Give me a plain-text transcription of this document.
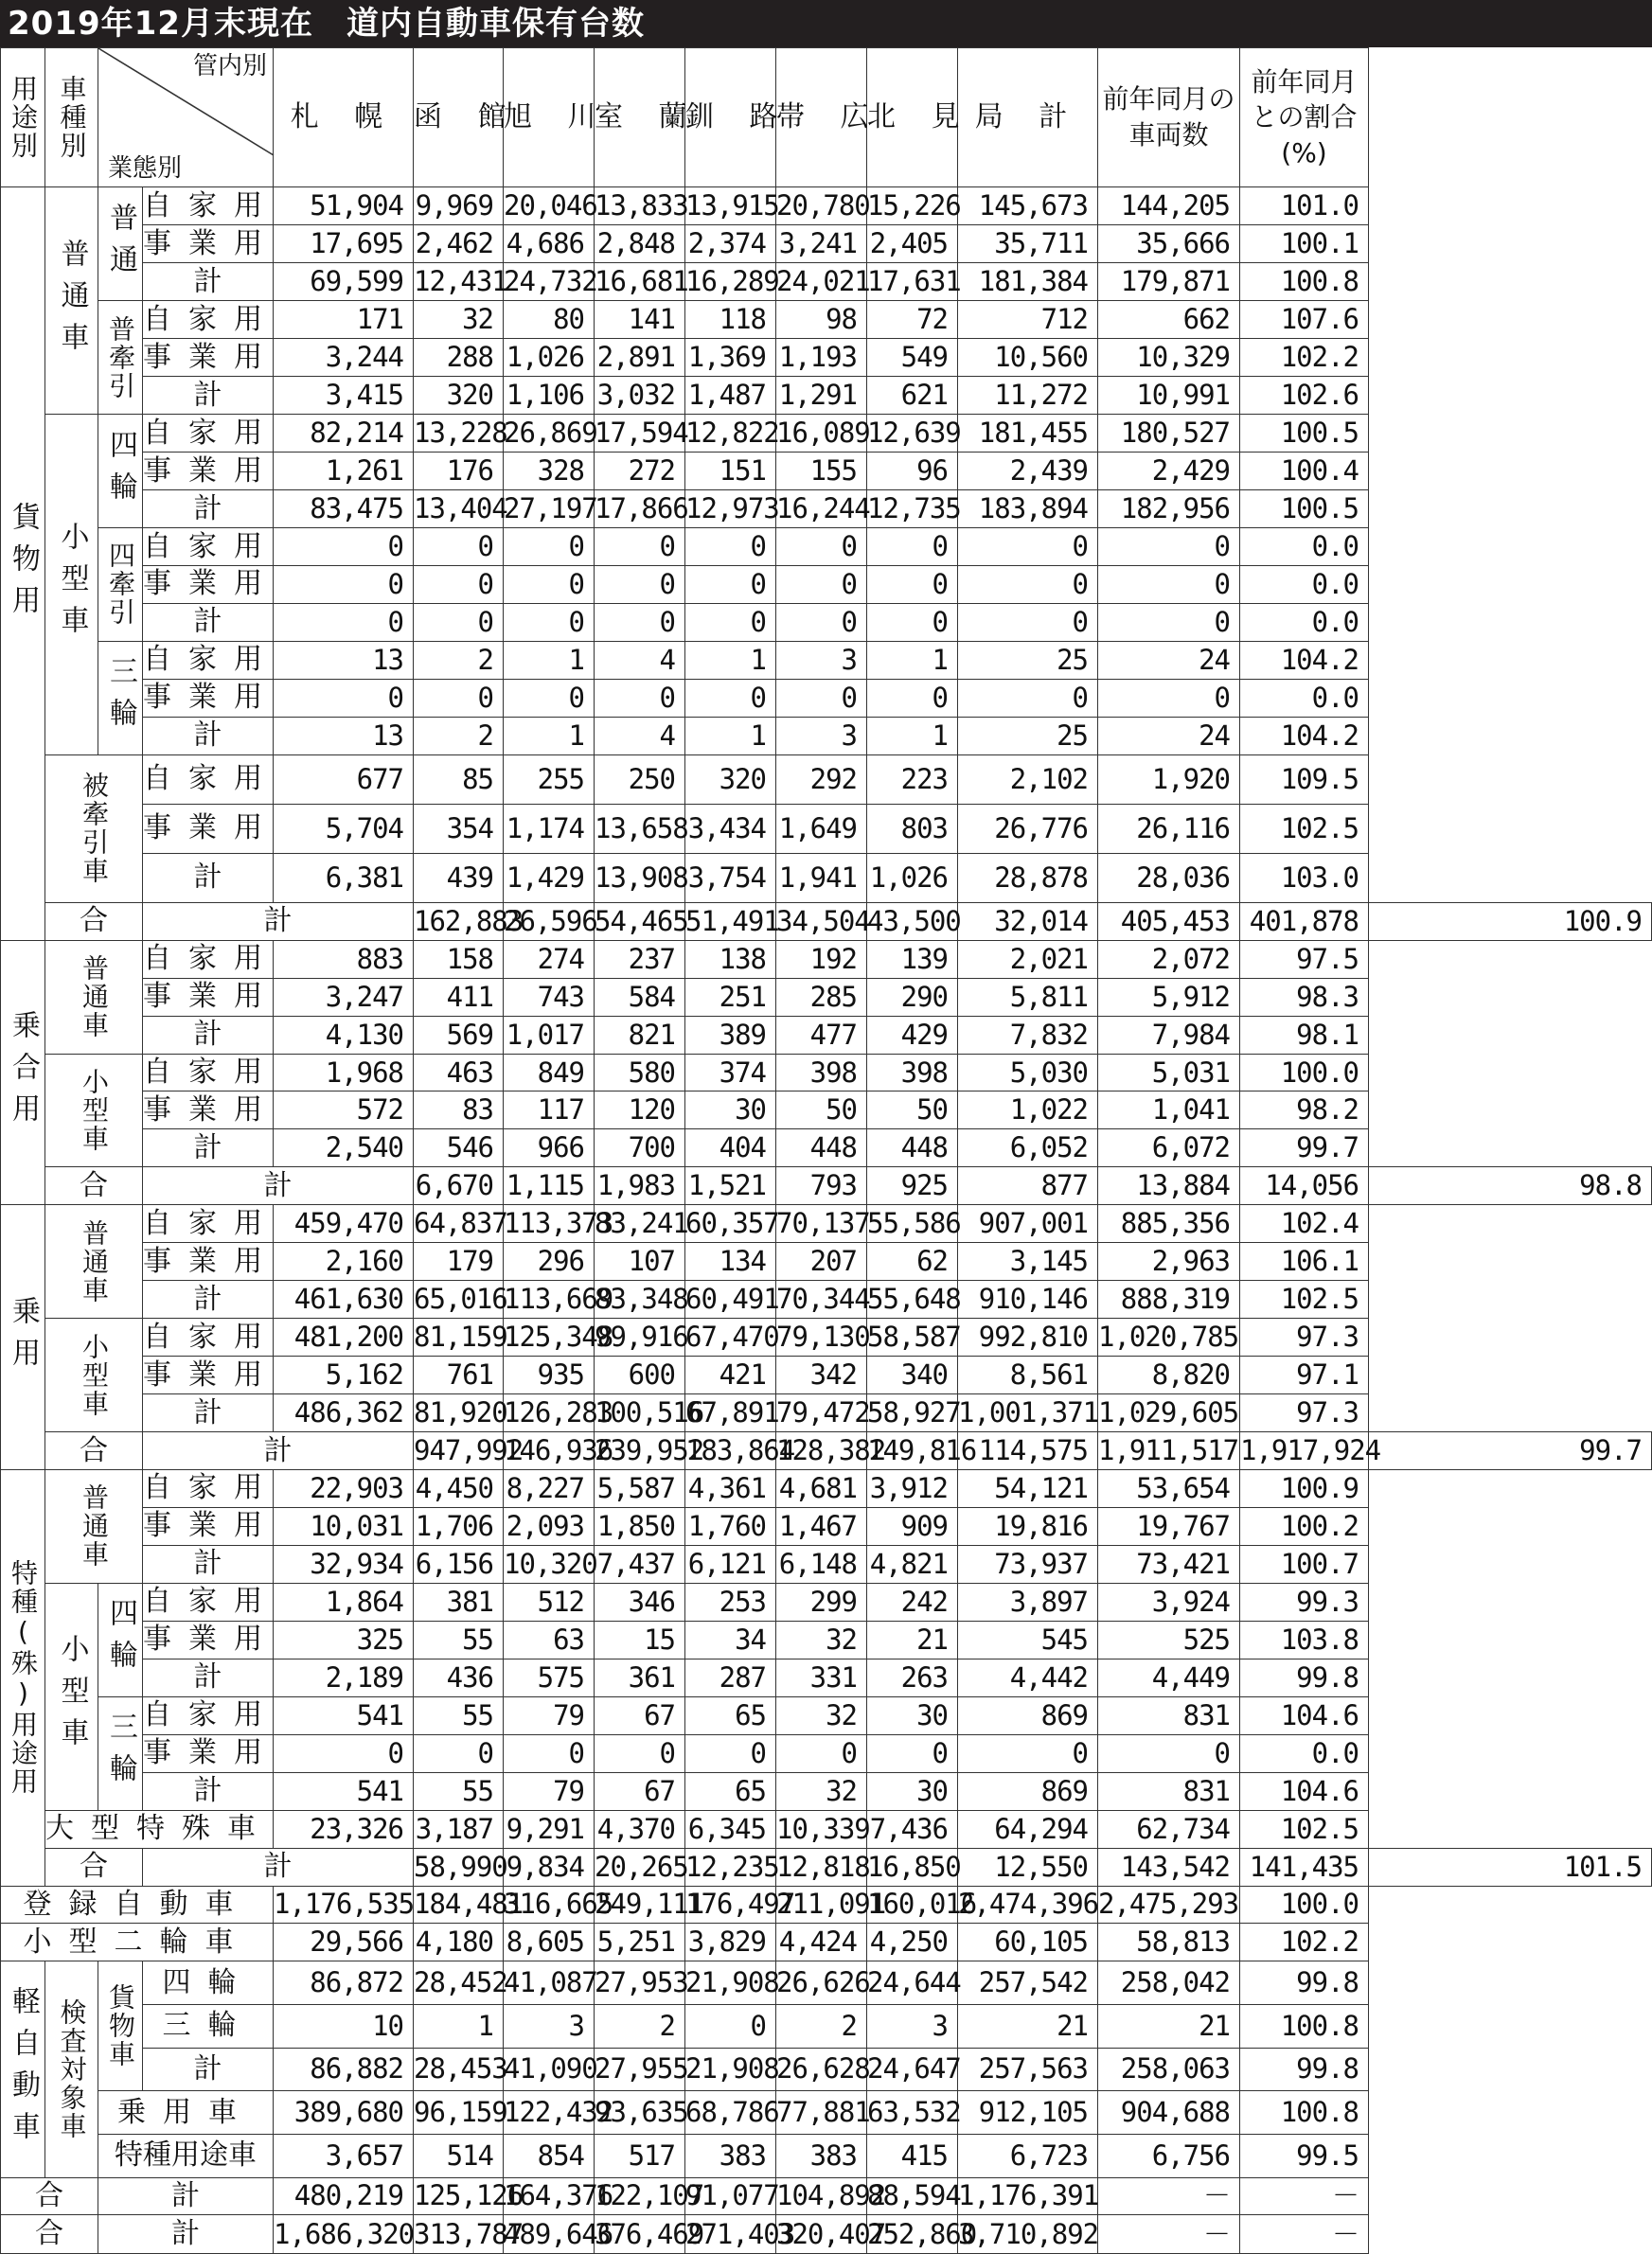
2019年12月末現在　道内自動車保有台数
用途別	車種別	管内別
業態別		札 幌	函 館	旭 川	室 蘭	釧 路	帯 広	北 見	局 計	前年同月の車両数	前年同月との割合(%)	
貨物用	普通車	普通	自家用	51,904	9,969	20,046	13,833	13,915	20,780	15,226	145,673	144,205	101.0	
			事業用	17,695	2,462	4,686	2,848	2,374	3,241	2,405	35,711	35,666	100.1	
			計	69,599	12,431	24,732	16,681	16,289	24,021	17,631	181,384	179,871	100.8	
		普牽引	自家用	171	32	80	141	118	98	72	712	662	107.6	
			事業用	3,244	288	1,026	2,891	1,369	1,193	549	10,560	10,329	102.2	
			計	3,415	320	1,106	3,032	1,487	1,291	621	11,272	10,991	102.6	
	小型車	四輪	自家用	82,214	13,228	26,869	17,594	12,822	16,089	12,639	181,455	180,527	100.5	
			事業用	1,261	176	328	272	151	155	96	2,439	2,429	100.4	
			計	83,475	13,404	27,197	17,866	12,973	16,244	12,735	183,894	182,956	100.5	
		四牽引	自家用	0	0	0	0	0	0	0	0	0	0.0	
			事業用	0	0	0	0	0	0	0	0	0	0.0	
			計	0	0	0	0	0	0	0	0	0	0.0	
		三輪	自家用	13	2	1	4	1	3	1	25	24	104.2	
			事業用	0	0	0	0	0	0	0	0	0	0.0	
			計	13	2	1	4	1	3	1	25	24	104.2	
	被牽引車		自家用	677	85	255	250	320	292	223	2,102	1,920	109.5	
			事業用	5,704	354	1,174	13,658	3,434	1,649	803	26,776	26,116	102.5	
			計	6,381	439	1,429	13,908	3,754	1,941	1,026	28,878	28,036	103.0	
	合		計		162,883	26,596	54,465	51,491	34,504	43,500	32,014	405,453	401,878	100.9
乗合用	普通車		自家用	883	158	274	237	138	192	139	2,021	2,072	97.5	
			事業用	3,247	411	743	584	251	285	290	5,811	5,912	98.3	
			計	4,130	569	1,017	821	389	477	429	7,832	7,984	98.1	
	小型車		自家用	1,968	463	849	580	374	398	398	5,030	5,031	100.0	
			事業用	572	83	117	120	30	50	50	1,022	1,041	98.2	
			計	2,540	546	966	700	404	448	448	6,052	6,072	99.7	
	合		計		6,670	1,115	1,983	1,521	793	925	877	13,884	14,056	98.8
乗用	普通車		自家用	459,470	64,837	113,373	83,241	60,357	70,137	55,586	907,001	885,356	102.4	
			事業用	2,160	179	296	107	134	207	62	3,145	2,963	106.1	
			計	461,630	65,016	113,669	83,348	60,491	70,344	55,648	910,146	888,319	102.5	
	小型車		自家用	481,200	81,159	125,348	99,916	67,470	79,130	58,587	992,810	1,020,785	97.3	
			事業用	5,162	761	935	600	421	342	340	8,561	8,820	97.1	
			計	486,362	81,920	126,283	100,516	67,891	79,472	58,927	1,001,371	1,029,605	97.3	
	合		計		947,992	146,936	239,952	183,864	128,382	149,816	114,575	1,911,517	1,917,924	99.7
特種(殊)用途用	普通車		自家用	22,903	4,450	8,227	5,587	4,361	4,681	3,912	54,121	53,654	100.9	
			事業用	10,031	1,706	2,093	1,850	1,760	1,467	909	19,816	19,767	100.2	
			計	32,934	6,156	10,320	7,437	6,121	6,148	4,821	73,937	73,421	100.7	
	小型車	四輪	自家用	1,864	381	512	346	253	299	242	3,897	3,924	99.3	
			事業用	325	55	63	15	34	32	21	545	525	103.8	
			計	2,189	436	575	361	287	331	263	4,442	4,449	99.8	
		三輪	自家用	541	55	79	67	65	32	30	869	831	104.6	
			事業用	0	0	0	0	0	0	0	0	0	0.0	
			計	541	55	79	67	65	32	30	869	831	104.6	
	大型特殊車			23,326	3,187	9,291	4,370	6,345	10,339	7,436	64,294	62,734	102.5	
	合		計		58,990	9,834	20,265	12,235	12,818	16,850	12,550	143,542	141,435	101.5
登録自動車				1,176,535	184,481	316,665	249,111	176,497	211,091	160,016	2,474,396	2,475,293	100.0	
小型二輪車				29,566	4,180	8,605	5,251	3,829	4,424	4,250	60,105	58,813	102.2	
軽自動車	検査対象車	貨物車	四輪	86,872	28,452	41,087	27,953	21,908	26,626	24,644	257,542	258,042	99.8	
			三輪	10	1	3	2	0	2	3	21	21	100.8	
			計	86,882	28,453	41,090	27,955	21,908	26,628	24,647	257,563	258,063	99.8	
		乗用車		389,680	96,159	122,432	93,635	68,786	77,881	63,532	912,105	904,688	100.8	
		特種用途車		3,657	514	854	517	383	383	415	6,723	6,756	99.5	
合		計		480,219	125,126	164,376	122,107	91,077	104,892	88,594	1,176,391	－	－	
合		計		1,686,320	313,787	489,646	376,469	271,403	320,407	252,860	3,710,892	－	－	
